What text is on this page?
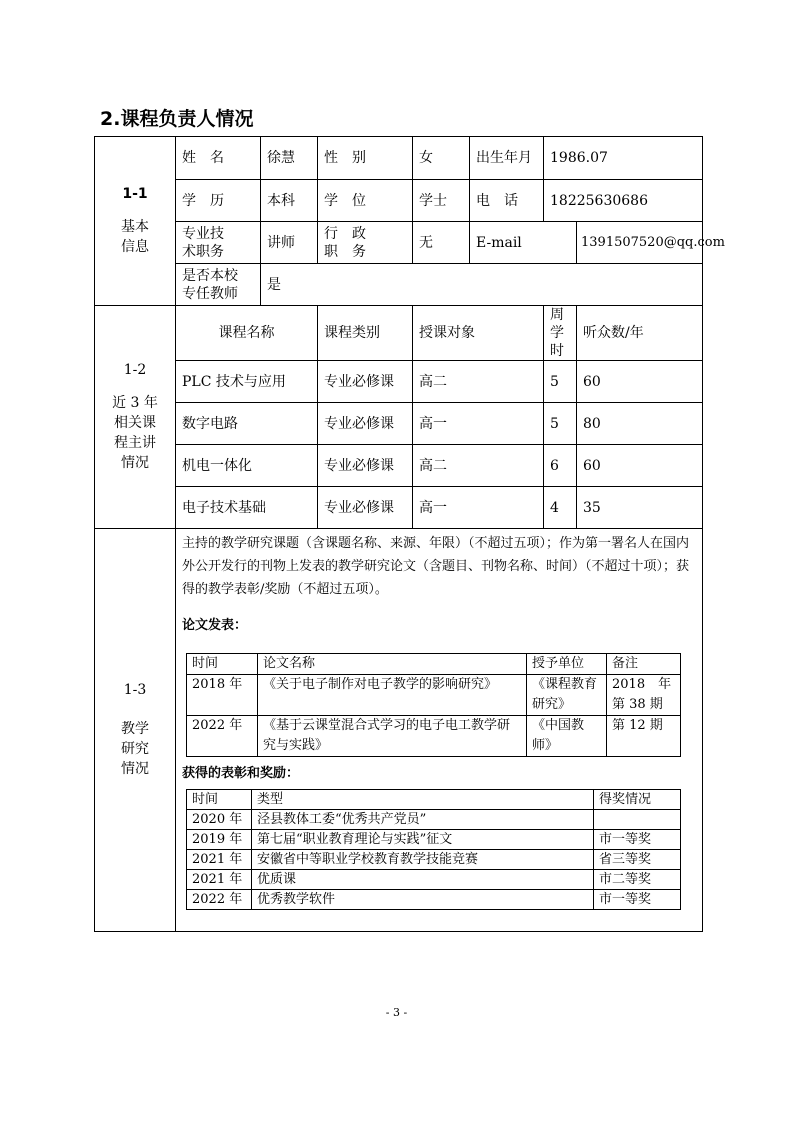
2.课程负责人情况
1-1
基本
信息
	姓　名	徐慧	性　别	女	出生年月	1986.07
学　历	本科	学　位	学士	电　话	18225630686

专业技
术职务
	讲师	
行　政
职　务
	无	E-mail	1391507520@qq.com

是否本校
专任教师
	是

1-2
近 3 年
相关课
程主讲
情况
	课程名称	课程类别	授课对象	周学时	听众数/年
PLC 技术与应用	专业必修课	高二	5	60
数字电路	专业必修课	高一	5	80
机电一体化	专业必修课	高二	6	60
电子技术基础	专业必修课	高一	4	35

1-3
教学
研究
情况

主持的教学研究课题（含课题名称、来源、年限）（不超过五项）；作为第一署名人在国内外公开发行的刊物上发表的教学研究论文（含题目、刊物名称、时间）（不超过十项）；获得的教学表彰/奖励（不超过五项）。

论文发表：
时间	论文名称	授予单位	备注
2018 年	《关于电子制作对电子教学的影响研究》	《课程教育研究》	2018　年第 38 期
2022 年	《基于云课堂混合式学习的电子电工教学研究与实践》	《中国教师》	第 12 期
获得的表彰和奖励：
时间	类型	得奖情况
2020 年	泾县教体工委“优秀共产党员”	
2019 年	第七届“职业教育理论与实践”征文	市一等奖
2021 年	安徽省中等职业学校教育教学技能竞赛	省三等奖
2021 年	优质课	市二等奖
2022 年	优秀教学软件	市一等奖
- 3 -
